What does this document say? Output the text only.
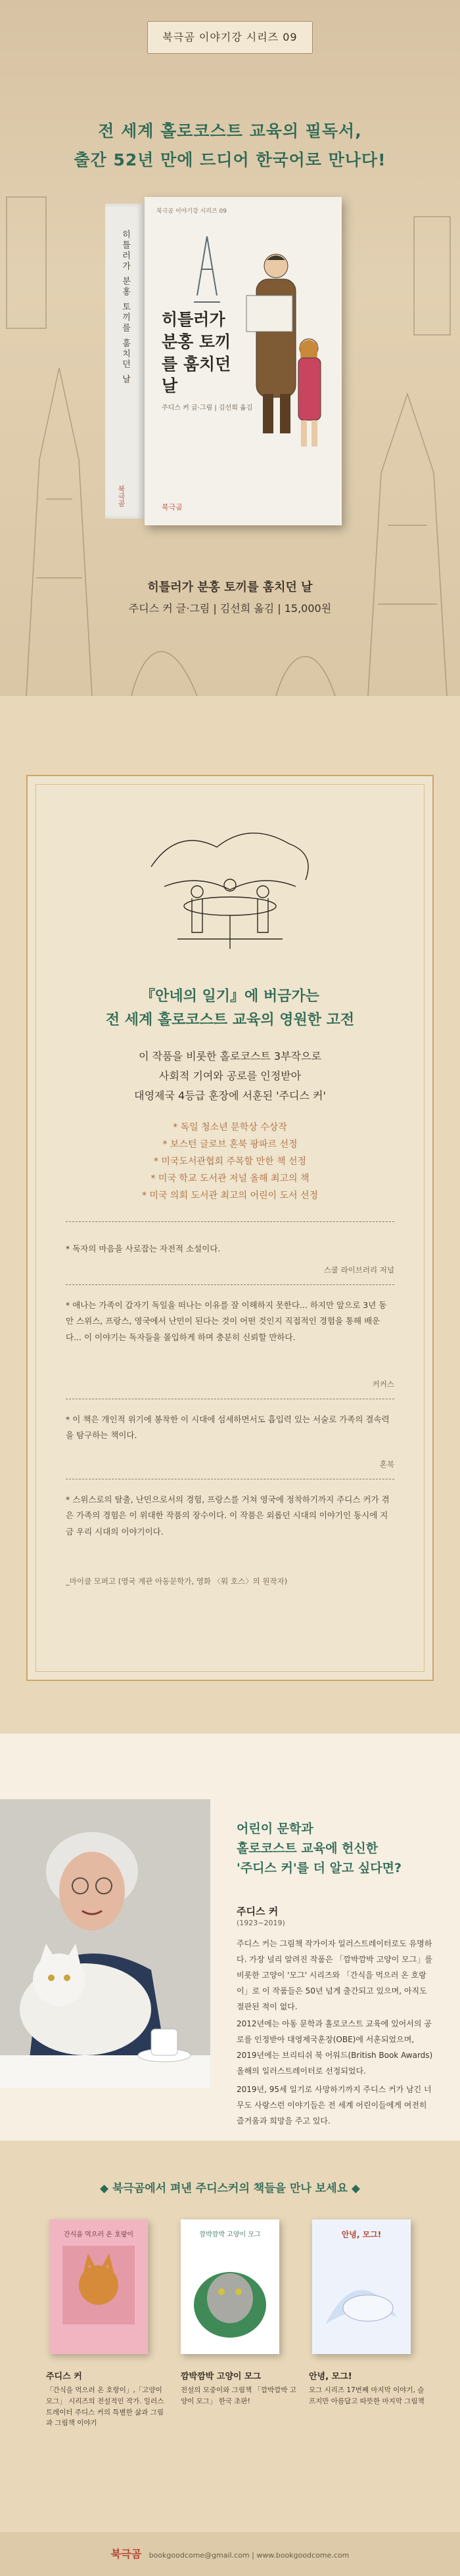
북극곰 이야기강 시리즈 09
전 세계 홀로코스트 교육의 필독서,
출간 52년 만에 드디어 한국어로 만나다!
히틀러가 분홍 토끼를 훔치던 날
북극곰
북극곰 이야기강 시리즈 09
히틀러가 분홍 토끼를 훔치던 날
주디스 커 글·그림 | 김선희 옮김
북극곰
히틀러가 분홍 토끼를 훔치던 날
주디스 커 글·그림 | 김선희 옮김 | 15,000원
『안네의 일기』에 버금가는
전 세계 홀로코스트 교육의 영원한 고전
이 작품을 비롯한 홀로코스트 3부작으로
사회적 기여와 공로를 인정받아
대영제국 4등급 훈장에 서훈된 '주디스 커'
* 독일 청소년 문학상 수상작
* 보스턴 글로브 혼북 팡파르 선정
* 미국도서관협회 주목할 만한 책 선정
* 미국 학교 도서관 저널 올해 최고의 책
* 미국 의회 도서관 최고의 어린이 도서 선정
* 독자의 마음을 사로잡는 자전적 소설이다.
스쿨 라이브러리 저널
* 애나는 가족이 갑자기 독일을 떠나는 이유를 잘 이해하지 못한다... 하지만 앞으로 3년 동안 스위스, 프랑스, 영국에서 난민이 된다는 것이 어떤 것인지 직접적인 경험을 통해 배운다... 이 이야기는 독자들을 몰입하게 하며 충분히 신뢰할 만하다.
커커스
* 이 책은 개인적 위기에 봉착한 이 시대에 섬세하면서도 흡입력 있는 서술로 가족의 결속력을 탐구하는 책이다.
혼북
* 스위스로의 탈출, 난민으로서의 경험, 프랑스를 거쳐 영국에 정착하기까지 주디스 커가 겪은 가족의 경험은 이 위대한 작품의 장수이다. 이 작품은 외롭던 시대의 이야기인 동시에 지금 우리 시대의 이야기이다.
_마이클 모퍼고 (영국 계관 아동문학가, 영화 〈워 호스〉의 원작자)
어린이 문학과
홀로코스트 교육에 헌신한
'주디스 커'를 더 알고 싶다면?
주디스 커
(1923~2019)
주디스 커는 그림책 작가이자 일러스트레이터로도 유명하다. 가장 널리 알려진 작품은 「깜박깜박 고양이 모그」를 비롯한 고양이 '모그' 시리즈와 「간식을 먹으러 온 호랑이」로 이 작품들은 50년 넘게 출간되고 있으며, 아직도 절판된 적이 없다.
2012년에는 아동 문학과 홀로코스트 교육에 있어서의 공로를 인정받아 대영제국훈장(OBE)에 서훈되었으며, 2019년에는 브리티쉬 북 어워드(British Book Awards) 올해의 일러스트레이터로 선정되었다.
2019년, 95세 일기로 사망하기까지 주디스 커가 남긴 너무도 사랑스런 이야기들은 전 세계 어린이들에게 여전히 즐거움과 희망을 주고 있다.
◆ 북극곰에서 펴낸 주디스커의 책들을 만나 보세요 ◆
간식을 먹으러 온 호랑이	깜박깜박 고양이 모그	안녕, 모그!
주디스 커
「간식을 먹으러 온 호랑이」,「고양이 모그」 시리즈의 전설적인 작가. 일러스트레이터 주디스 커의 특별한 삶과 그림과 그림책 이야기
깜박깜박 고양이 모그
전설의 모중이와 그림책 「깜박깜박 고양이 모그」 한국 초판!
안녕, 모그!
모그 시리즈 17번째 마지막 이야기, 슬프지만 아름답고 따뜻한 마지막 그림책
북극곰 bookgoodcome@gmail.com | www.bookgoodcome.com
